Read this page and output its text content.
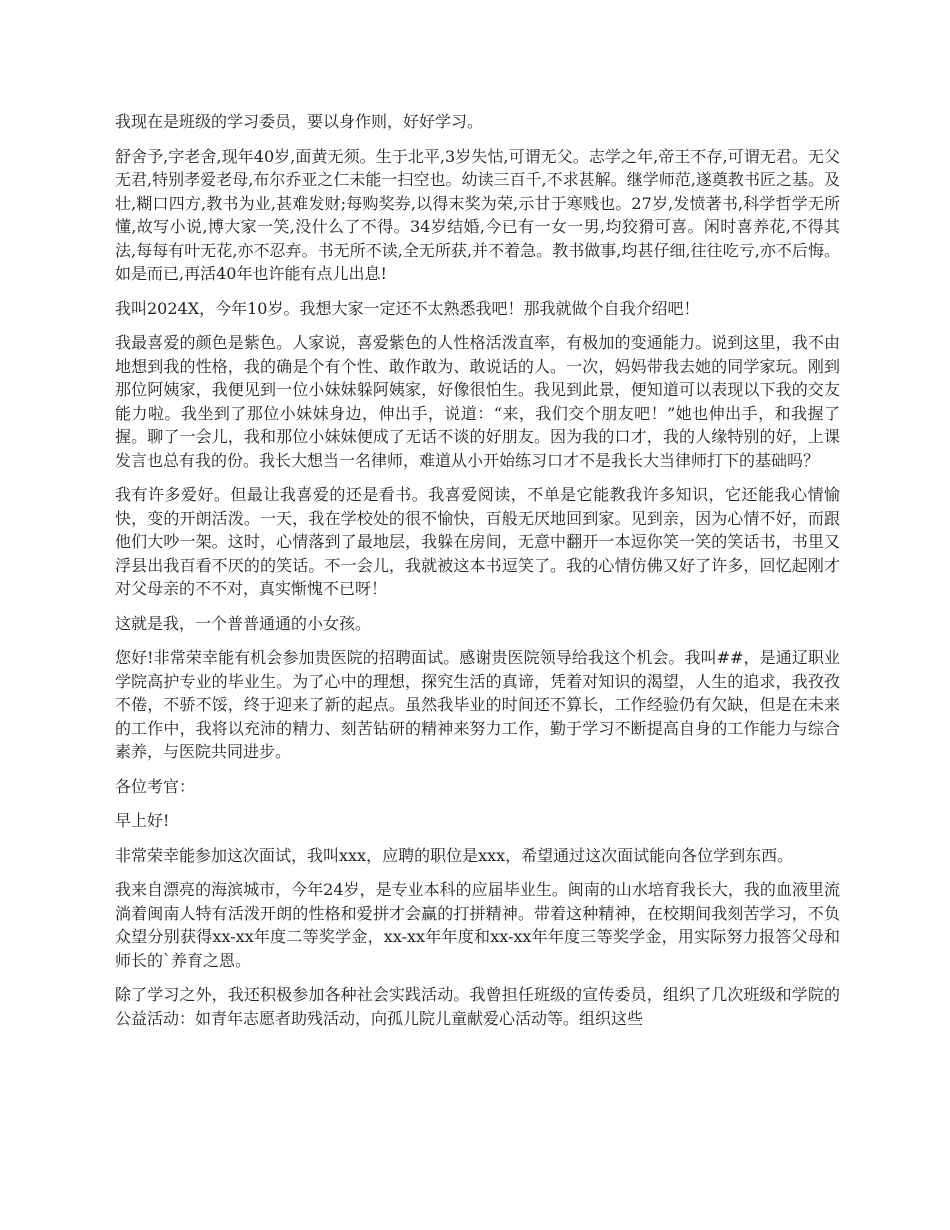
我现在是班级的学习委员，要以身作则，好好学习。

舒舍予,字老舍,现年40岁,面黄无须。生于北平,3岁失怙,可谓无父。志学之年,帝王不存,可谓无君。无父无君,特别孝爱老母,布尔乔亚之仁未能一扫空也。幼读三百千,不求甚解。继学师范,遂奠教书匠之基。及壮,糊口四方,教书为业,甚难发财;每购奖券,以得末奖为荣,示甘于寒贱也。27岁,发愤著书,科学哲学无所懂,故写小说,博大家一笑,没什么了不得。34岁结婚,今已有一女一男,均狡猾可喜。闲时喜养花,不得其法,每每有叶无花,亦不忍弃。书无所不读,全无所获,并不着急。教书做事,均甚仔细,往往吃亏,亦不后悔。如是而已,再活40年也许能有点儿出息!

我叫2024X，今年10岁。我想大家一定还不太熟悉我吧！那我就做个自我介绍吧！

我最喜爱的颜色是紫色。人家说，喜爱紫色的人性格活泼直率，有极加的变通能力。说到这里，我不由地想到我的性格，我的确是个有个性、敢作敢为、敢说话的人。一次，妈妈带我去她的同学家玩。刚到那位阿姨家，我便见到一位小妹妹躲阿姨家，好像很怕生。我见到此景，便知道可以表现以下我的交友能力啦。我坐到了那位小妹妹身边，伸出手，说道：“来，我们交个朋友吧！”她也伸出手，和我握了握。聊了一会儿，我和那位小妹妹便成了无话不谈的好朋友。因为我的口才，我的人缘特别的好，上课发言也总有我的份。我长大想当一名律师，难道从小开始练习口才不是我长大当律师打下的基础吗？

我有许多爱好。但最让我喜爱的还是看书。我喜爱阅读，不单是它能教我许多知识，它还能我心情愉快，变的开朗活泼。一天，我在学校处的很不愉快，百般无厌地回到家。见到亲，因为心情不好，而跟他们大吵一架。这时，心情落到了最地层，我躲在房间，无意中翻开一本逗你笑一笑的笑话书，书里又浮县出我百看不厌的的笑话。不一会儿，我就被这本书逗笑了。我的心情仿佛又好了许多，回忆起刚才对父母亲的不不对，真实惭愧不已呀！

这就是我，一个普普通通的小女孩。

您好!非常荣幸能有机会参加贵医院的招聘面试。感谢贵医院领导给我这个机会。我叫##，是通辽职业学院高护专业的毕业生。为了心中的理想，探究生活的真谛，凭着对知识的渴望，人生的追求，我孜孜不倦，不骄不馁，终于迎来了新的起点。虽然我毕业的时间还不算长，工作经验仍有欠缺，但是在未来的工作中，我将以充沛的精力、刻苦钻研的精神来努力工作，勤于学习不断提高自身的工作能力与综合素养，与医院共同进步。

各位考官：

早上好!

非常荣幸能参加这次面试，我叫xxx，应聘的职位是xxx，希望通过这次面试能向各位学到东西。

我来自漂亮的海滨城市，今年24岁，是专业本科的应届毕业生。闽南的山水培育我长大，我的血液里流淌着闽南人特有活泼开朗的性格和爱拼才会赢的打拼精神。带着这种精神，在校期间我刻苦学习，不负众望分别获得xx-xx年度二等奖学金，xx-xx年年度和xx-xx年年度三等奖学金，用实际努力报答父母和师长的`养育之恩。

除了学习之外，我还积极参加各种社会实践活动。我曾担任班级的宣传委员，组织了几次班级和学院的公益活动：如青年志愿者助残活动，向孤儿院儿童献爱心活动等。组织这些
